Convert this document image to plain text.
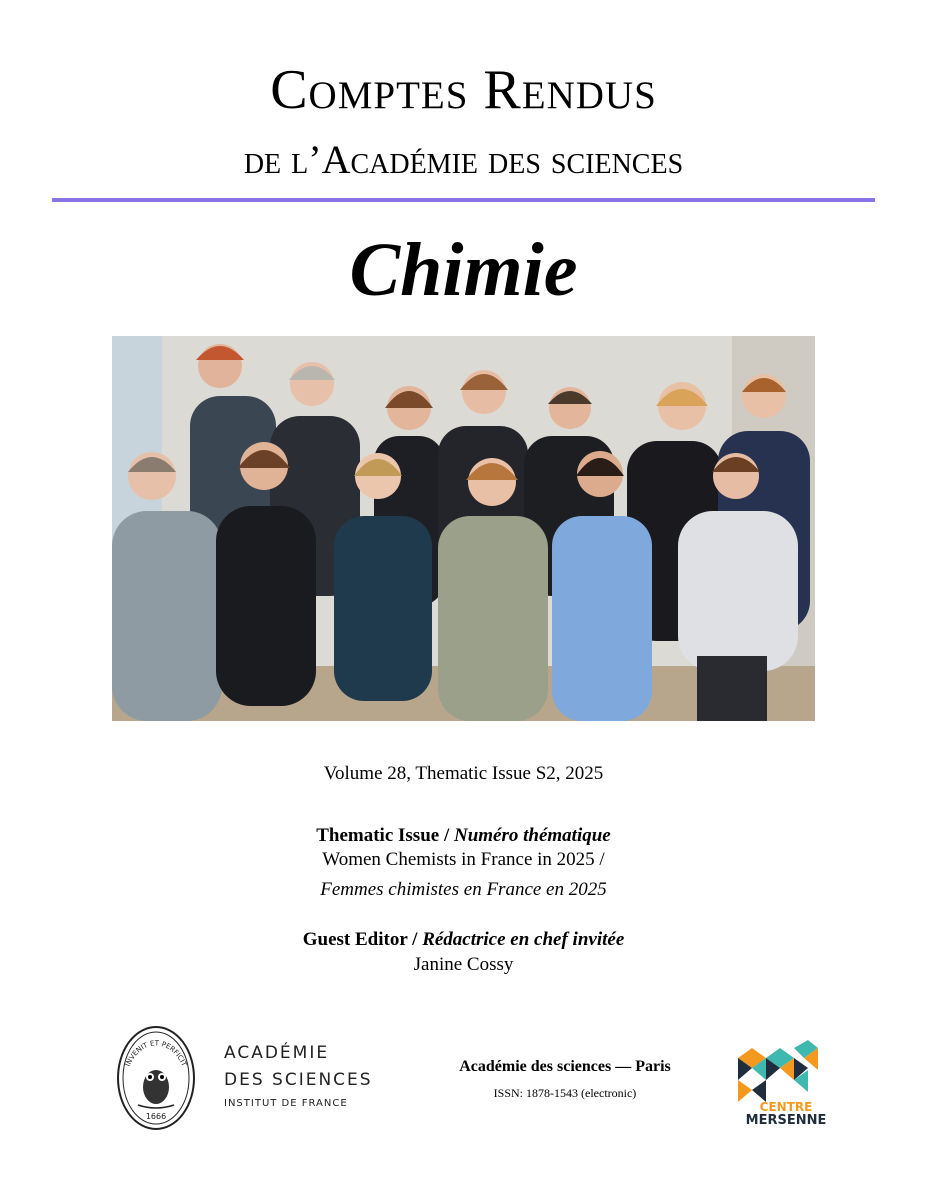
Comptes Rendus
de l’Académie des sciences
Chimie
Volume 28, Thematic Issue S2, 2025
Thematic Issue / Numéro thématique
Women Chemists in France in 2025 /
Femmes chimistes en France en 2025
Guest Editor / Rédactrice en chef invitée
Janine Cossy
INVENIT ET PERFICIT
1666
ACADÉMIE
DES SCIENCES
INSTITUT DE FRANCE
Académie des sciences — Paris
ISSN: 1878-1543 (electronic)
CENTRE
MERSENNE
